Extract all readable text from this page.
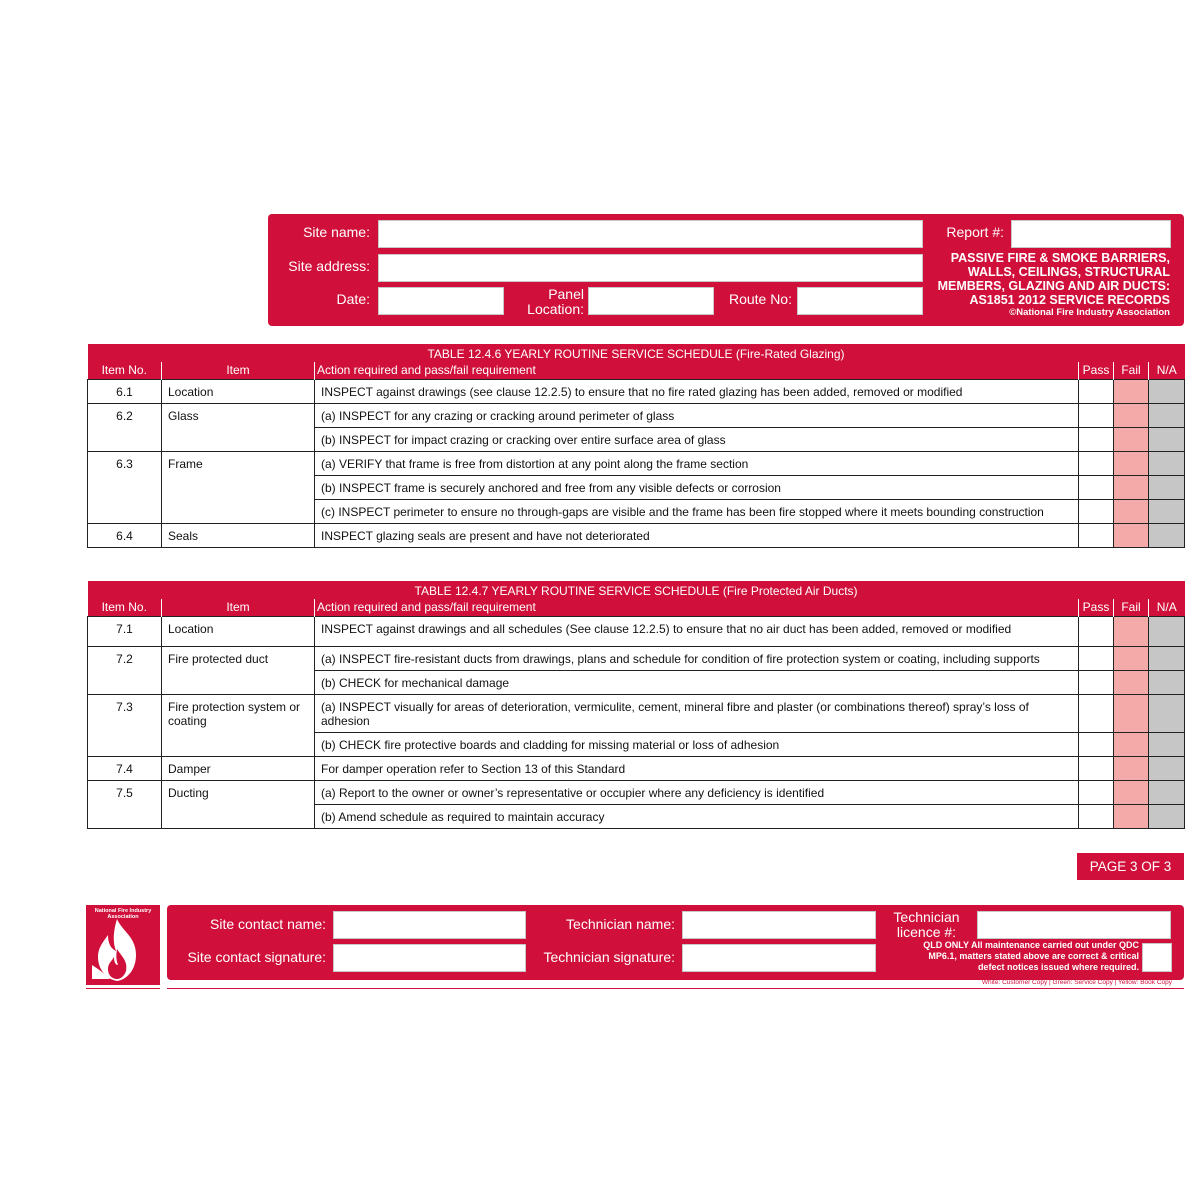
Site name:
Site address:
Date:	Panel
Location:
Route No:
Report #:
PASSIVE FIRE & SMOKE BARRIERS,
WALLS, CEILINGS, STRUCTURAL
MEMBERS, GLAZING AND AIR DUCTS:
AS1851 2012 SERVICE RECORDS
©National Fire Industry Association
TABLE 12.4.6 YEARLY ROUTINE SERVICE SCHEDULE (Fire-Rated Glazing)					
Item No.	Item	Action required and pass/fail requirement	Pass	Fail	N/A
6.1	Location	INSPECT against drawings (see clause 12.2.5) to ensure that no fire rated glazing has been added, removed or modified			
6.2	Glass	(a) INSPECT for any crazing or cracking around perimeter of glass			
		(b) INSPECT for impact crazing or cracking over entire surface area of glass			
6.3	Frame	(a) VERIFY that frame is free from distortion at any point along the frame section			
		(b) INSPECT frame is securely anchored and free from any visible defects or corrosion			
		(c) INSPECT perimeter to ensure no through-gaps are visible and the frame has been fire stopped where it meets bounding construction			
6.4	Seals	INSPECT glazing seals are present and have not deteriorated			
TABLE 12.4.7 YEARLY ROUTINE SERVICE SCHEDULE (Fire Protected Air Ducts)					
Item No.	Item	Action required and pass/fail requirement	Pass	Fail	N/A
7.1	Location	INSPECT against drawings and all schedules (See clause 12.2.5) to ensure that no air duct has been added, removed or modified			
7.2	Fire protected duct	(a) INSPECT fire-resistant ducts from drawings, plans and schedule for condition of fire protection system or coating, including supports			
		(b) CHECK for mechanical damage			
7.3	Fire protection system or coating	(a) INSPECT visually for areas of deterioration, vermiculite, cement, mineral fibre and plaster (or combinations thereof) spray’s loss of adhesion			
		(b) CHECK fire protective boards and cladding for missing material or loss of adhesion			
7.4	Damper	For damper operation refer to Section 13 of this Standard			
7.5	Ducting	(a) Report to the owner or owner’s representative or occupier where any deficiency is identified			
		(b) Amend schedule as required to maintain accuracy			
PAGE 3 OF 3
National Fire Industry Association
Australia
Site contact name:
Site contact signature:
Technician name:
Technician signature:
Technician
licence #:
QLD ONLY All maintenance carried out under QDC MP6.1, matters stated above are correct & critical defect notices issued where required.
White: Customer Copy | Green: Service Copy | Yellow: Book Copy
